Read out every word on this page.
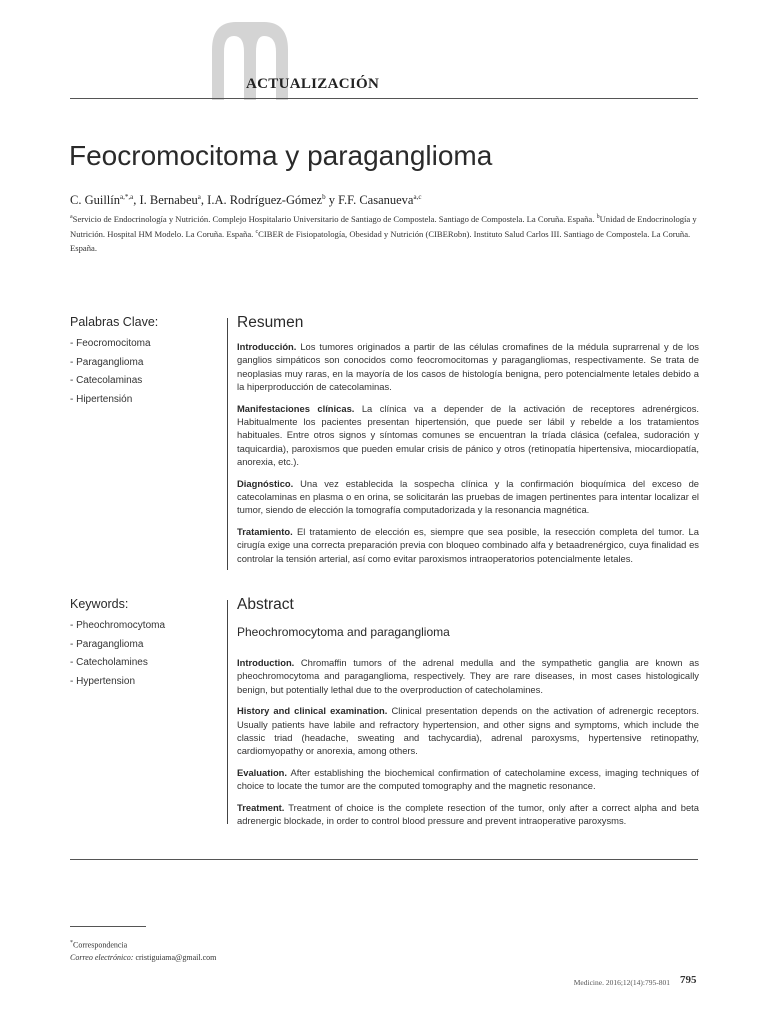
ACTUALIZACIÓN
Feocromocitoma y paraganglioma
C. Guillín$^{a,*,a}$, I. Bernabeu$^a$, I.A. Rodríguez-Gómez$^b$ y F.F. Casanueva$^{a,c}$
$^a$Servicio de Endocrinología y Nutrición. Complejo Hospitalario Universitario de Santiago de Compostela. Santiago de Compostela. La Coruña. España. $^b$Unidad de Endocrinología y Nutrición. Hospital HM Modelo. La Coruña. España. $^c$CIBER de Fisiopatología, Obesidad y Nutrición (CIBERobn). Instituto Salud Carlos III. Santiago de Compostela. La Coruña. España.
Palabras Clave:
- Feocromocitoma
- Paraganglioma
- Catecolaminas
- Hipertensión
Resumen

Introducción. Los tumores originados a partir de las células cromafines de la médula suprarrenal y de los ganglios simpáticos son conocidos como feocromocitomas y paragangliomas, respectivamente. Se trata de neoplasias muy raras, en la mayoría de los casos de histología benigna, pero potencialmente letales debido a la hiperproducción de catecolaminas.

Manifestaciones clínicas. La clínica va a depender de la activación de receptores adrenérgicos. Habitualmente los pacientes presentan hipertensión, que puede ser lábil y rebelde a los tratamientos habituales. Entre otros signos y síntomas comunes se encuentran la tríada clásica (cefalea, sudoración y taquicardia), paroxismos que pueden emular crisis de pánico y otros (retinopatía hipertensiva, miocardiopatía, anorexia, etc.).

Diagnóstico. Una vez establecida la sospecha clínica y la confirmación bioquímica del exceso de catecolaminas en plasma o en orina, se solicitarán las pruebas de imagen pertinentes para intentar localizar el tumor, siendo de elección la tomografía computadorizada y la resonancia magnética.

Tratamiento. El tratamiento de elección es, siempre que sea posible, la resección completa del tumor. La cirugía exige una correcta preparación previa con bloqueo combinado alfa y betaadrenérgico, cuya finalidad es controlar la tensión arterial, así como evitar paroxismos intraoperatorios potencialmente letales.

Keywords:
- Pheochromocytoma
- Paraganglioma
- Catecholamines
- Hypertension
Abstract
Pheochromocytoma and paraganglioma

Introduction. Chromaffin tumors of the adrenal medulla and the sympathetic ganglia are known as pheochromocytoma and paraganglioma, respectively. They are rare diseases, in most cases histologically benign, but potentially lethal due to the overproduction of catecholamines.

History and clinical examination. Clinical presentation depends on the activation of adrenergic receptors. Usually patients have labile and refractory hypertension, and other signs and symptoms, which include the classic triad (headache, sweating and tachycardia), adrenal paroxysms, hypertensive retinopathy, cardiomyopathy or anorexia, among others.

Evaluation. After establishing the biochemical confirmation of catecholamine excess, imaging techniques of choice to locate the tumor are the computed tomography and the magnetic resonance.

Treatment. Treatment of choice is the complete resection of the tumor, only after a correct alpha and beta adrenergic blockade, in order to control blood pressure and prevent intraoperative paroxysms.

*Correspondencia
Correo electrónico: cristiguiama@gmail.com
Medicine. 2016;12(14):795-801 795
